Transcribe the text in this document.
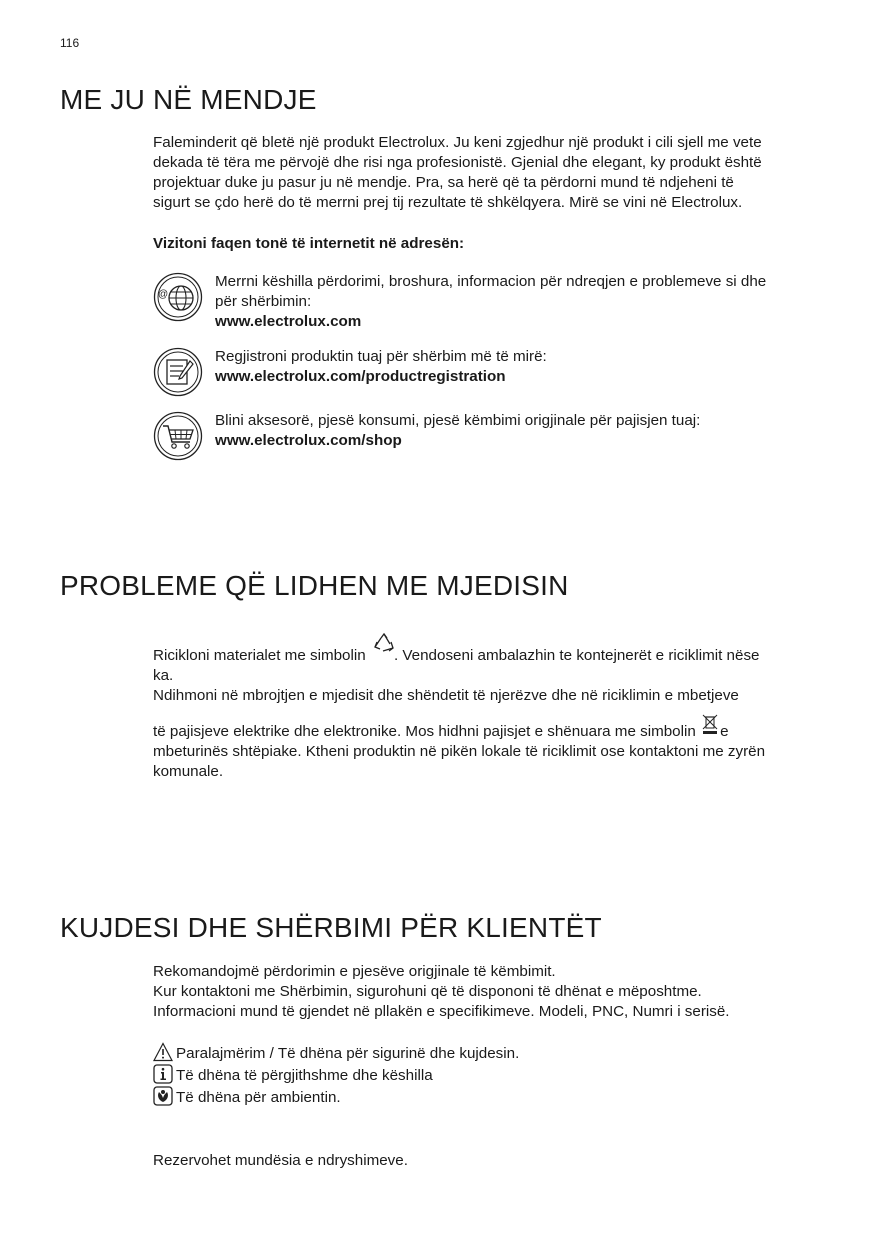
116
ME JU NË MENDJE

Faleminderit që bletë një produkt Electrolux. Ju keni zgjedhur një produkt i cili sjell me vete

dekada të tëra me përvojë dhe risi nga profesionistë. Gjenial dhe elegant, ky produkt është

projektuar duke ju pasur ju në mendje. Pra, sa herë që ta përdorni mund të ndjeheni të

sigurt se çdo herë do të merrni prej tij rezultate të shkëlqyera. Mirë se vini në Electrolux.

Vizitoni faqen tonë të internetit në adresën:
@

Merrni këshilla përdorimi, broshura, informacion për ndreqjen e problemeve si dhe

për shërbimin:

www.electrolux.com

Regjistroni produktin tuaj për shërbim më të mirë:

www.electrolux.com/productregistration

Blini aksesorë, pjesë konsumi, pjesë këmbimi origjinale për pajisjen tuaj:

www.electrolux.com/shop

PROBLEME QË LIDHEN ME MJEDISIN

Ricikloni materialet me simbolin . Vendoseni ambalazhin te kontejnerët e riciklimit nëse

ka.

Ndihmoni në mbrojtjen e mjedisit dhe shëndetit të njerëzve dhe në riciklimin e mbetjeve

të pajisjeve elektrike dhe elektronike. Mos hidhni pajisjet e shënuara me simbolin e

mbeturinës shtëpiake. Ktheni produktin në pikën lokale të riciklimit ose kontaktoni me zyrën

komunale.

KUJDESI DHE SHËRBIMI PËR KLIENTËT

Rekomandojmë përdorimin e pjesëve origjinale të këmbimit.

Kur kontaktoni me Shërbimin, sigurohuni që të dispononi të dhënat e mëposhtme.

Informacioni mund të gjendet në pllakën e specifikimeve. Modeli, PNC, Numri i serisë.

Paralajmërim / Të dhëna për sigurinë dhe kujdesin.
Të dhëna të përgjithshme dhe këshilla
Të dhëna për ambientin.
Rezervohet mundësia e ndryshimeve.
